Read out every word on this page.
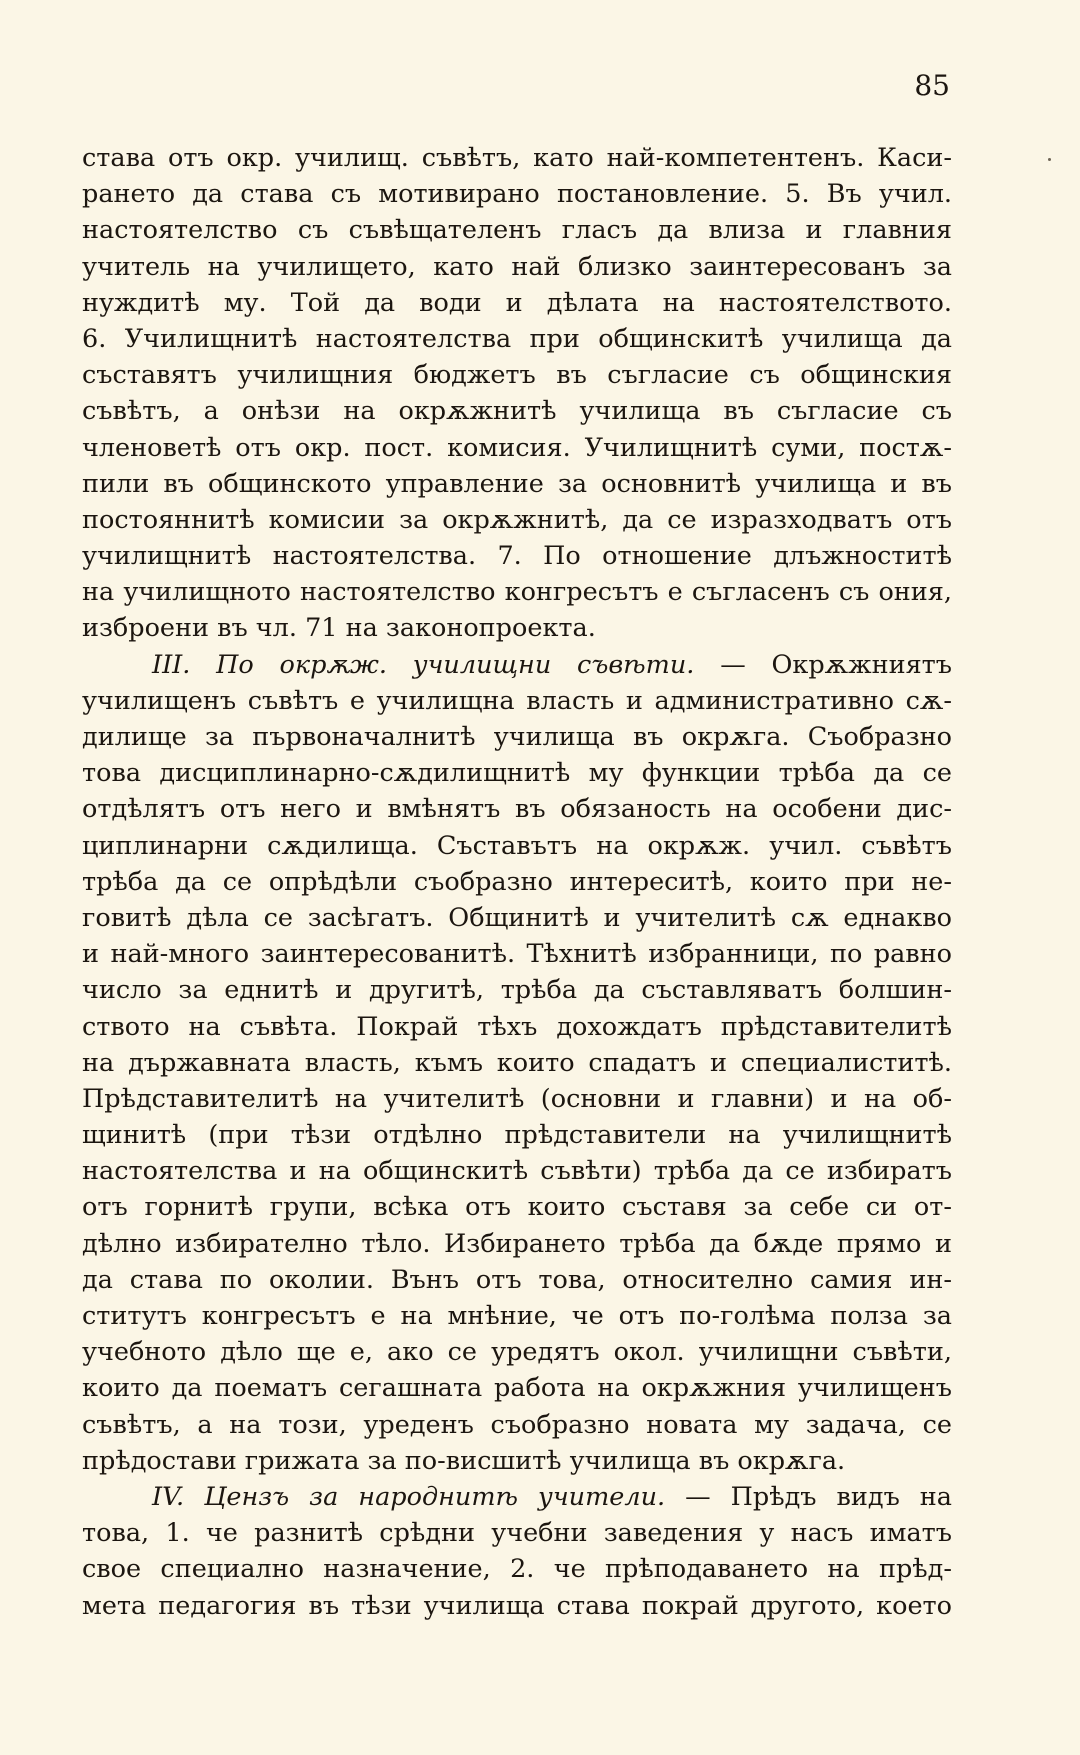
85
става отъ окр. училищ. съвѣтъ, като най-компетентенъ. Каси-
рането да става съ мотивирано постановление. 5. Въ учил.
настоятелство съ съвѣщателенъ гласъ да влиза и главния
учитель на училището, като най близко заинтересованъ за
нуждитѣ му. Той да води и дѣлата на настоятелството.
6. Училищнитѣ настоятелства при общинскитѣ училища да
съставятъ училищния бюджетъ въ съгласие съ общинския
съвѣтъ, а онѣзи на окрѫжнитѣ училища въ съгласие съ
членоветѣ отъ окр. пост. комисия. Училищнитѣ суми, постѫ-
пили въ общинското управление за основнитѣ училища и въ
постояннитѣ комисии за окрѫжнитѣ, да се изразходватъ отъ
училищнитѣ настоятелства. 7. По отношение длъжноститѣ
на училищното настоятелство конгресътъ е съгласенъ съ ония,
изброени въ чл. 71 на законопроекта.
III. По окрѫж. училищни съвѣти. — Окрѫжниятъ
училищенъ съвѣтъ е училищна власть и административно сѫ-
дилище за първоначалнитѣ училища въ окрѫга. Съобразно
това дисциплинарно-сѫдилищнитѣ му функции трѣба да се
отдѣлятъ отъ него и вмѣнятъ въ обязаность на особени дис-
циплинарни сѫдилища. Съставътъ на окрѫж. учил. съвѣтъ
трѣба да се опрѣдѣли съобразно интереситѣ, които при не-
говитѣ дѣла се засѣгатъ. Общинитѣ и учителитѣ сѫ еднакво
и най-много заинтересованитѣ. Тѣхнитѣ избранници, по равно
число за еднитѣ и другитѣ, трѣба да съставляватъ болшин-
ството на съвѣта. Покрай тѣхъ дохождатъ прѣдставителитѣ
на държавната власть, къмъ които спадатъ и специалиститѣ.
Прѣдставителитѣ на учителитѣ (основни и главни) и на об-
щинитѣ (при тѣзи отдѣлно прѣдставители на училищнитѣ
настоятелства и на общинскитѣ съвѣти) трѣба да се избиратъ
отъ горнитѣ групи, всѣка отъ които съставя за себе си от-
дѣлно избирателно тѣло. Избирането трѣба да бѫде прямо и
да става по околии. Вънъ отъ това, относително самия ин-
ститутъ конгресътъ е на мнѣние, че отъ по-голѣма полза за
учебното дѣло ще е, ако се уредятъ окол. училищни съвѣти,
които да поематъ сегашната работа на окрѫжния училищенъ
съвѣтъ, а на този, уреденъ съобразно новата му задача, се
прѣдостави грижата за по-висшитѣ училища въ окрѫга.
IV. Цензъ за народнитѣ учители. — Прѣдъ видъ на
това, 1. че разнитѣ срѣдни учебни заведения у насъ иматъ
свое специално назначение, 2. че прѣподаването на прѣд-
мета педагогия въ тѣзи училища става покрай другото, което
